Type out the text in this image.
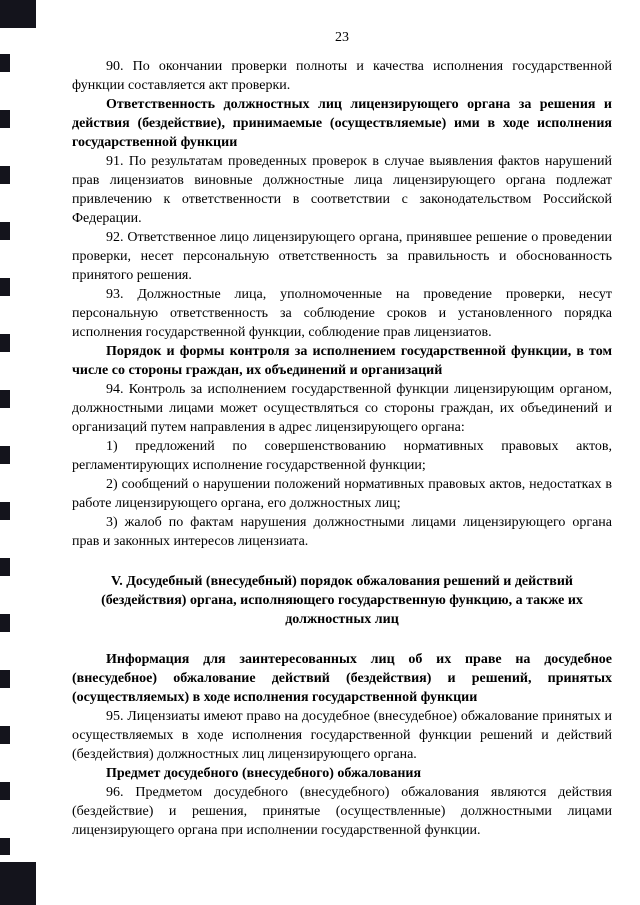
23

90. По окончании проверки полноты и качества исполнения государственной функции составляется акт проверки.

Ответственность должностных лиц лицензирующего органа за решения и действия (бездействие), принимаемые (осуществляемые) ими в ходе исполнения государственной функции

91. По результатам проведенных проверок в случае выявления фактов нарушений прав лицензиатов виновные должностные лица лицензирующего органа подлежат привлечению к ответственности в соответствии с законодательством Российской Федерации.

92. Ответственное лицо лицензирующего органа, принявшее решение о проведении проверки, несет персональную ответственность за правильность и обоснованность принятого решения.

93. Должностные лица, уполномоченные на проведение проверки, несут персональную ответственность за соблюдение сроков и установленного порядка исполнения государственной функции, соблюдение прав лицензиатов.

Порядок и формы контроля за исполнением государственной функции, в том числе со стороны граждан, их объединений и организаций

94. Контроль за исполнением государственной функции лицензирующим органом, должностными лицами может осуществляться со стороны граждан, их объединений и организаций путем направления в адрес лицензирующего органа:

1) предложений по совершенствованию нормативных правовых актов, регламентирующих исполнение государственной функции;

2) сообщений о нарушении положений нормативных правовых актов, недостатках в работе лицензирующего органа, его должностных лиц;

3) жалоб по фактам нарушения должностными лицами лицензирующего органа прав и законных интересов лицензиата.

V. Досудебный (внесудебный) порядок обжалования решений и действий (бездействия) органа, исполняющего государственную функцию, а также их должностных лиц

Информация для заинтересованных лиц об их праве на досудебное (внесудебное) обжалование действий (бездействия) и решений, принятых (осуществляемых) в ходе исполнения государственной функции

95. Лицензиаты имеют право на досудебное (внесудебное) обжалование принятых и осуществляемых в ходе исполнения государственной функции решений и действий (бездействия) должностных лиц лицензирующего органа.

Предмет досудебного (внесудебного) обжалования

96. Предметом досудебного (внесудебного) обжалования являются действия (бездействие) и решения, принятые (осуществленные) должностными лицами лицензирующего органа при исполнении государственной функции.
